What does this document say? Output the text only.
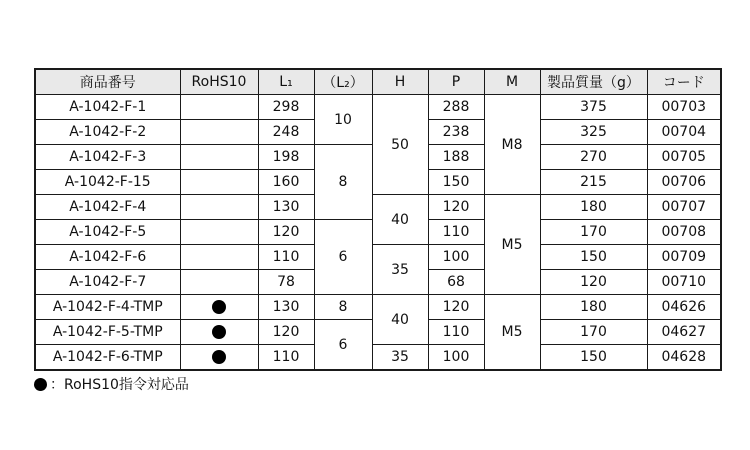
商品番号	RoHS10	L₁	（L₂）	H	P	M	製品質量（g）	コード
A-1042-F-1		298	10	50	288	M8	375	00703
A-1042-F-2		248			238		325	00704
A-1042-F-3		198	8		188		270	00705
A-1042-F-15		160			150		215	00706
A-1042-F-4		130		40	120	M5	180	00707
A-1042-F-5		120	6		110		170	00708
A-1042-F-6		110		35	100		150	00709
A-1042-F-7		78			68		120	00710
A-1042-F-4-TMP		130	8	40	120	M5	180	04626
A-1042-F-5-TMP		120	6		110		170	04627
A-1042-F-6-TMP		110		35	100		150	04628
：RoHS10指令対応品
